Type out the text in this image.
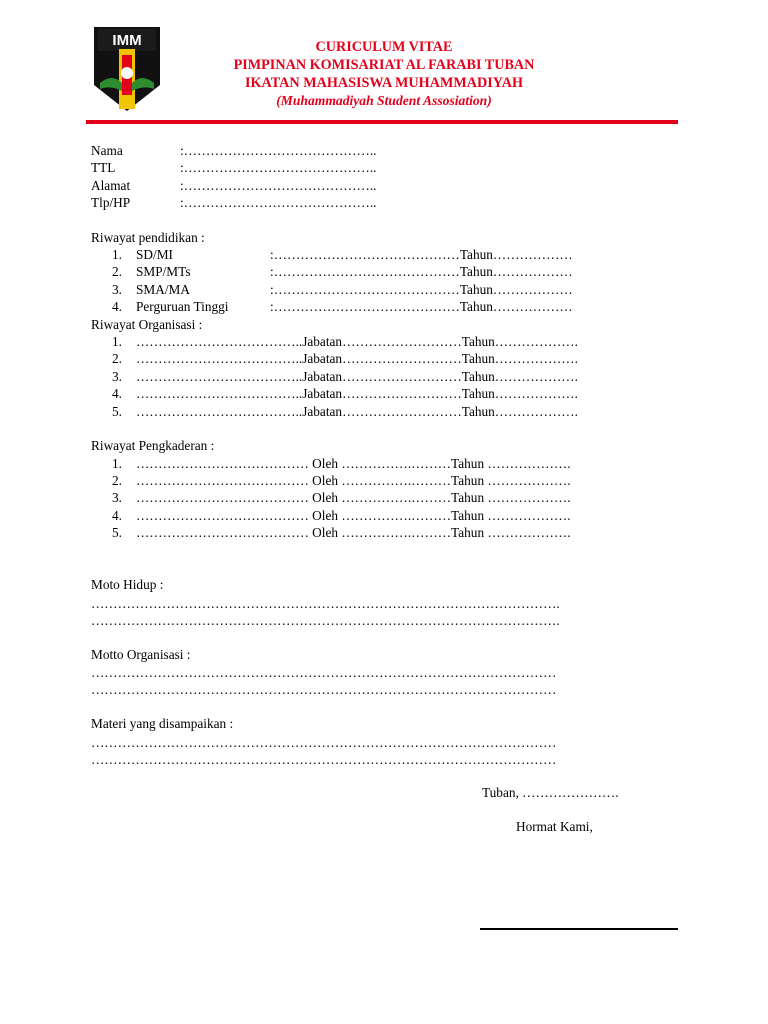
IMM	CURICULUM VITAE
PIMPINAN KOMISARIAT AL FARABI TUBAN
IKATAN MAHASISWA MUHAMMADIYAH
(Muhammadiyah Student Assosiation)
Nama	:……………………………………..
TTL	:……………………………………..
Alamat	:……………………………………..
Tlp/HP	:……………………………………..
Riwayat pendidikan :
1. SD/MI	:……………………………………Tahun………………
2. SMP/MTs	:……………………………………Tahun………………
3. SMA/MA	:……………………………………Tahun………………
4. Perguruan Tinggi	:……………………………………Tahun………………
Riwayat Organisasi :
1. ………………………………..Jabatan………………………Tahun……………….
2. ………………………………..Jabatan………………………Tahun……………….
3. ………………………………..Jabatan………………………Tahun……………….
4. ………………………………..Jabatan………………………Tahun……………….
5. ………………………………..Jabatan………………………Tahun……………….
Riwayat Pengkaderan :
1. ………………………………… Oleh …………….………Tahun ……………….
2. ………………………………… Oleh …………….………Tahun ……………….
3. ………………………………… Oleh …………….………Tahun ……………….
4. ………………………………… Oleh …………….………Tahun ……………….
5. ………………………………… Oleh …………….………Tahun ……………….
Moto Hidup :
…………………………………………………………………………………………….
…………………………………………………………………………………………….
Motto Organisasi :
……………………………………………………………………………………………
……………………………………………………………………………………………
Materi yang disampaikan :
……………………………………………………………………………………………
……………………………………………………………………………………………
Tuban, ………………….
Hormat Kami,
